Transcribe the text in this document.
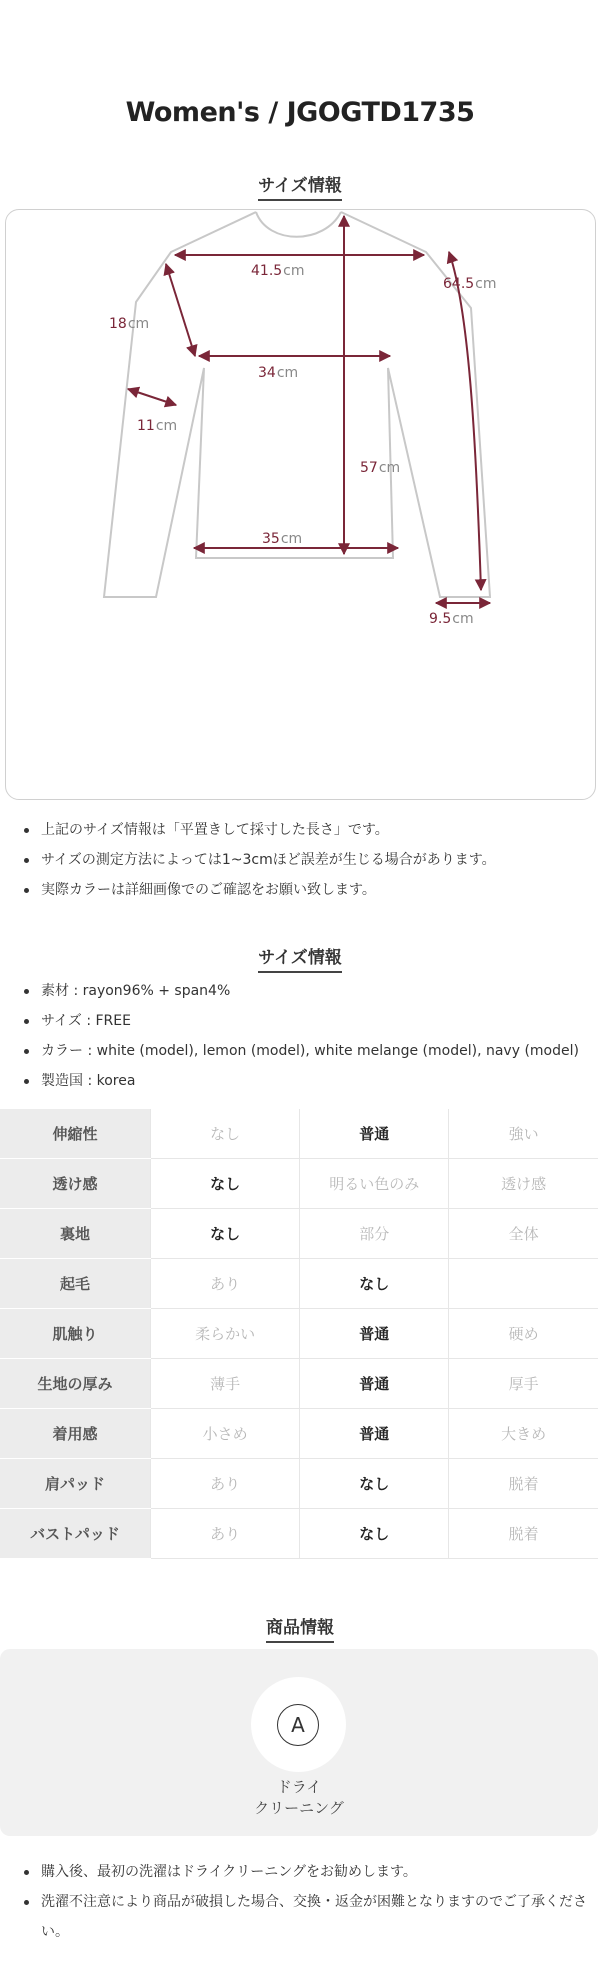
Women's / JGOGTD1735
サイズ情報
41.5cm
64.5cm
18cm
34cm
11cm
57cm
35cm
9.5cm
上記のサイズ情報は「平置きして採寸した長さ」です。
サイズの測定方法によっては1~3cmほど誤差が生じる場合があります。
実際カラーは詳細画像でのご確認をお願い致します。
サイズ情報
素材 : rayon96% + span4%
サイズ : FREE
カラー : white (model), lemon (model), white melange (model), navy (model)
製造国 : korea
伸縮性	なし	普通	強い
透け感	なし	明るい色のみ	透け感
裏地	なし	部分	全体
起毛	あり	なし	
肌触り	柔らかい	普通	硬め
生地の厚み	薄手	普通	厚手
着用感	小さめ	普通	大きめ
肩パッド	あり	なし	脱着
バストパッド	あり	なし	脱着
商品情報
A
ドライ
クリーニング
購入後、最初の洗濯はドライクリーニングをお勧めします。
洗濯不注意により商品が破損した場合、交換・返金が困難となりますのでご了承ください。
